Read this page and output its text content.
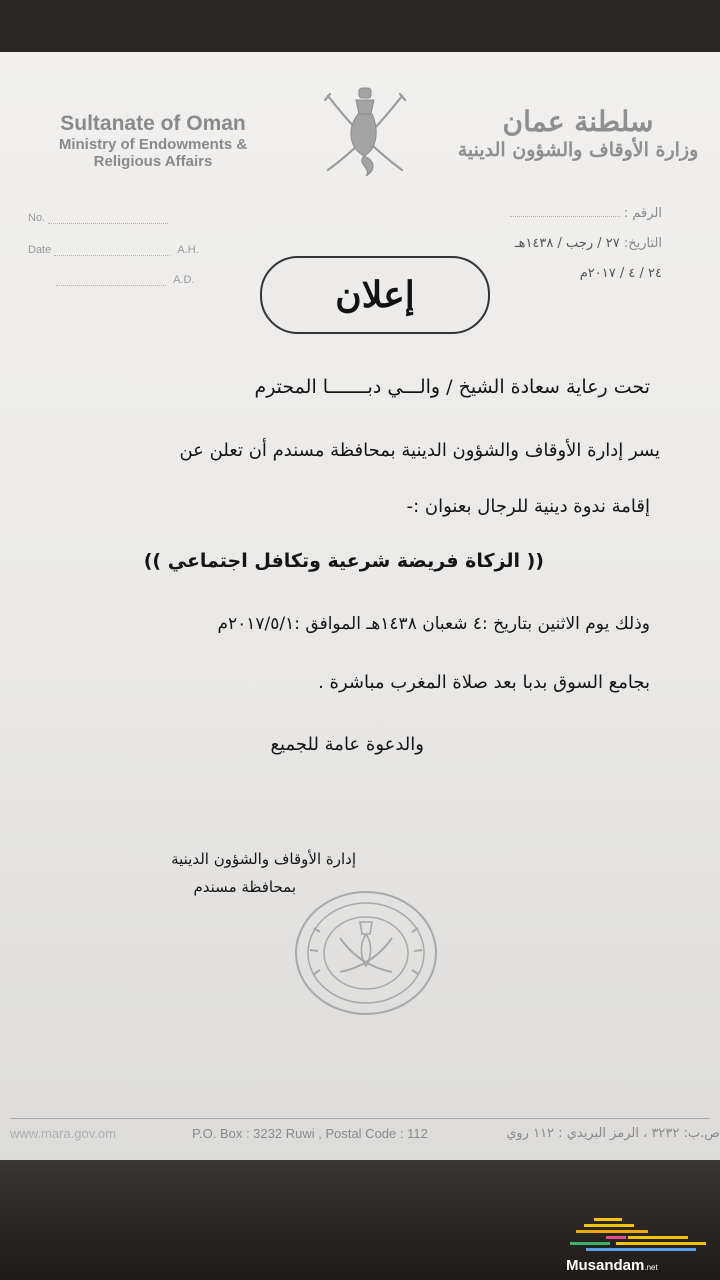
Sultanate of Oman
Ministry of Endowments &
Religious Affairs
سلطنة عمان
وزارة الأوقاف والشؤون الدينية
No.
Date	A.H.
A.D.
الرقم :
التاريخ: ٢٧ / رجب / ١٤٣٨هـ
٢٤ / ٤ / ٢٠١٧م
إعلان
تحت رعاية سعادة الشيخ / والـــي دبـــــــا المحترم
يسر إدارة الأوقاف والشؤون الدينية بمحافظة مسندم أن تعلن عن
إقامة ندوة دينية للرجال بعنوان :-
(( الزكاة فريضة شرعية وتكافل اجتماعي ))
وذلك يوم الاثنين بتاريخ :٤ شعبان ١٤٣٨هـ الموافق :٢٠١٧/٥/١م
بجامع السوق بدبا بعد صلاة المغرب مباشرة .
والدعوة عامة للجميع
إدارة الأوقاف والشؤون الدينية
بمحافظة مسندم
www.mara.gov.om	P.O. Box : 3232 Ruwi , Postal Code : 112	ص.ب: ٣٢٣٢ ، الرمز البريدي : ١١٢ روي
Musandam.net
